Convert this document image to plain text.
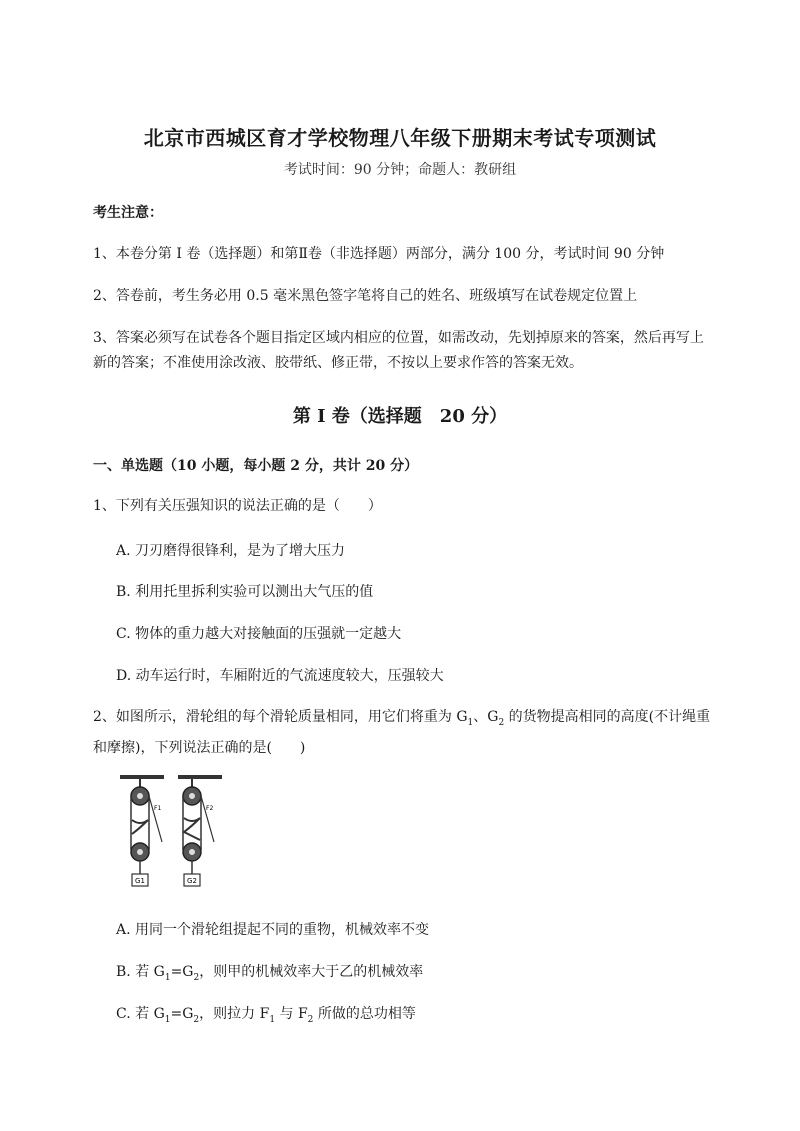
北京市西城区育才学校物理八年级下册期末考试专项测试
考试时间：90 分钟；命题人：教研组
考生注意：
1、本卷分第 I 卷（选择题）和第Ⅱ卷（非选择题）两部分，满分 100 分，考试时间 90 分钟
2、答卷前，考生务必用 0.5 毫米黑色签字笔将自己的姓名、班级填写在试卷规定位置上
3、答案必须写在试卷各个题目指定区域内相应的位置，如需改动，先划掉原来的答案，然后再写上新的答案；不准使用涂改液、胶带纸、修正带，不按以上要求作答的答案无效。
第 I 卷（选择题　20 分）
一、单选题（10 小题，每小题 2 分，共计 20 分）
1、下列有关压强知识的说法正确的是（　　）
A. 刀刃磨得很锋利，是为了增大压力
B. 利用托里拆利实验可以测出大气压的值
C. 物体的重力越大对接触面的压强就一定越大
D. 动车运行时，车厢附近的气流速度较大，压强较大
2、如图所示，滑轮组的每个滑轮质量相同，用它们将重为 $G_1$、$G_2$ 的货物提高相同的高度(不计绳重和摩擦)，下列说法正确的是(　　)
G1
F1
G2
F2
A. 用同一个滑轮组提起不同的重物，机械效率不变
B. 若 $G_1=G_2$，则甲的机械效率大于乙的机械效率
C. 若 $G_1=G_2$，则拉力 $F_1$ 与 $F_2$ 所做的总功相等
